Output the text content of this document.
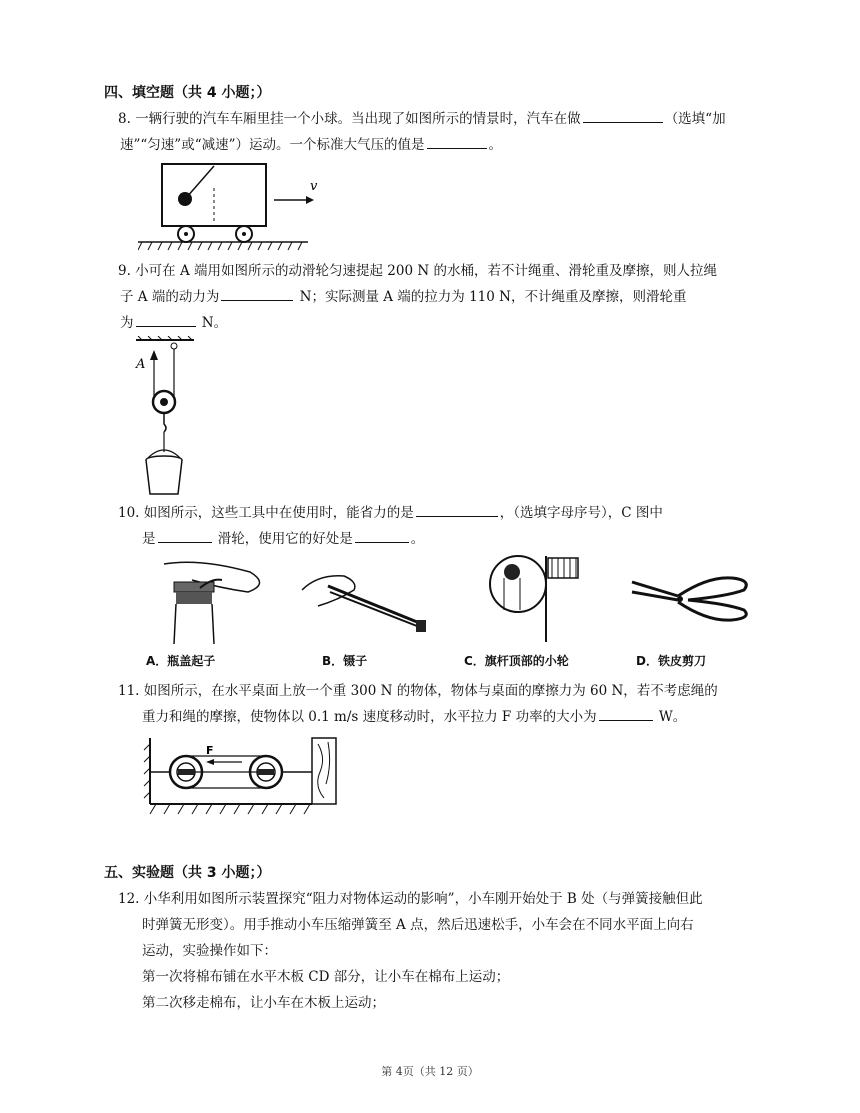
四、填空题（共 4 小题；）
8. 一辆行驶的汽车车厢里挂一个小球。当出现了如图所示的情景时，汽车在做	（选填“加
速”“匀速”或“减速”）运动。一个标准大气压的值是	。
v
9. 小可在 A 端用如图所示的动滑轮匀速提起 200 N 的水桶，若不计绳重、滑轮重及摩擦，则人拉绳
子 A 端的动力为	N；实际测量 A 端的拉力为 110 N，不计绳重及摩擦，则滑轮重
为	N。
A
10. 如图所示，这些工具中在使用时，能省力的是	，（选填字母序号），C 图中
是	滑轮，使用它的好处是	。
A．瓶盖起子	B．镊子	C．旗杆顶部的小轮	D．铁皮剪刀
11. 如图所示，在水平桌面上放一个重 300 N 的物体，物体与桌面的摩擦力为 60 N，若不考虑绳的
重力和绳的摩擦，使物体以 0.1 m/s 速度移动时，水平拉力 F 功率的大小为	W。
F
五、实验题（共 3 小题；）
12. 小华利用如图所示装置探究“阻力对物体运动的影响”，小车刚开始处于 B 处（与弹簧接触但此
时弹簧无形变）。用手推动小车压缩弹簧至 A 点，然后迅速松手，小车会在不同水平面上向右
运动，实验操作如下：
第一次将棉布铺在水平木板 CD 部分，让小车在棉布上运动；
第二次移走棉布，让小车在木板上运动；
第 4页（共 12 页）
